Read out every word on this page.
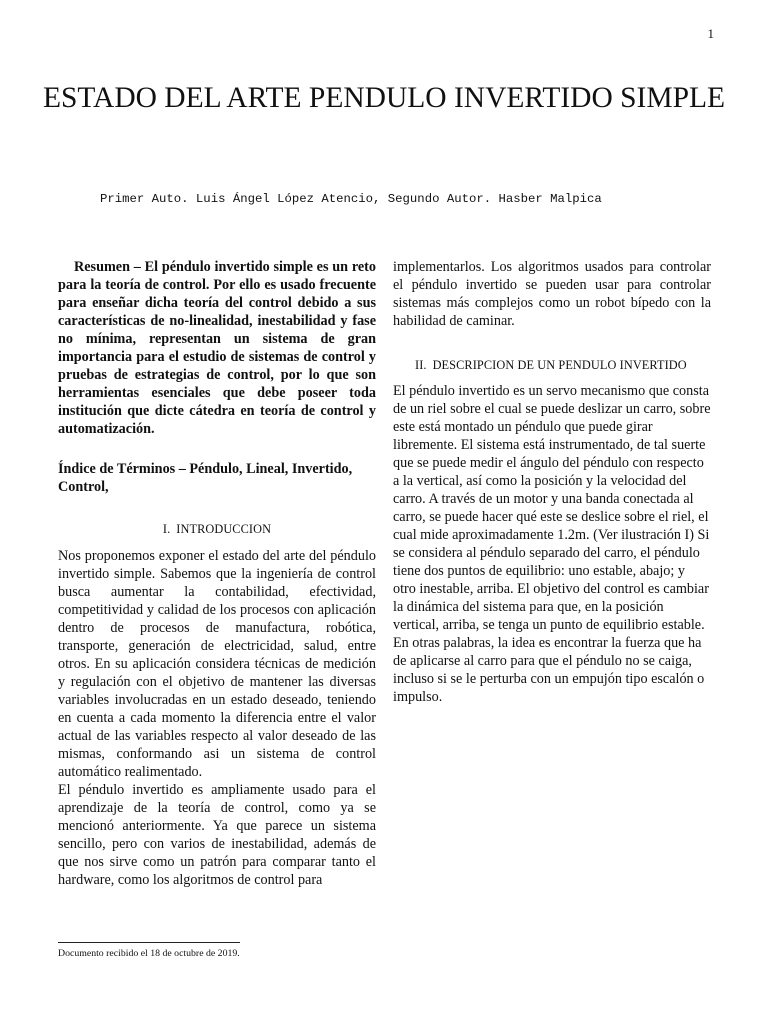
1
ESTADO DEL ARTE PENDULO INVERTIDO SIMPLE
Primer Auto. Luis Ángel López Atencio, Segundo Autor. Hasber Malpica

Resumen – El péndulo invertido simple es un reto para la teoría de control. Por ello es usado frecuente para enseñar dicha teoría del control debido a sus características de no-linealidad, inestabilidad y fase no mínima, representan un sistema de gran importancia para el estudio de sistemas de control y pruebas de estrategias de control, por lo que son herramientas esenciales que debe poseer toda institución que dicte cátedra en teoría de control y automatización.

Índice de Términos – Péndulo, Lineal, Invertido, Control,

I. INTRODUCCION

Nos proponemos exponer el estado del arte del péndulo invertido simple. Sabemos que la ingeniería de control busca aumentar la contabilidad, efectividad, competitividad y calidad de los procesos con aplicación dentro de procesos de manufactura, robótica, transporte, generación de electricidad, salud, entre otros. En su aplicación considera técnicas de medición y regulación con el objetivo de mantener las diversas variables involucradas en un estado deseado, teniendo en cuenta a cada momento la diferencia entre el valor actual de las variables respecto al valor deseado de las mismas, conformando asi un sistema de control automático realimentado.

El péndulo invertido es ampliamente usado para el aprendizaje de la teoría de control, como ya se mencionó anteriormente. Ya que parece un sistema sencillo, pero con varios de inestabilidad, además de que nos sirve como un patrón para comparar tanto el hardware, como los algoritmos de control para

implementarlos. Los algoritmos usados para controlar el péndulo invertido se pueden usar para controlar sistemas más complejos como un robot bípedo con la habilidad de caminar.

II. DESCRIPCION DE UN PENDULO INVERTIDO

El péndulo invertido es un servo mecanismo que consta de un riel sobre el cual se puede deslizar un carro, sobre este está montado un péndulo que puede girar libremente. El sistema está instrumentado, de tal suerte que se puede medir el ángulo del péndulo con respecto a la vertical, así como la posición y la velocidad del carro. A través de un motor y una banda conectada al carro, se puede hacer qué este se deslice sobre el riel, el cual mide aproximadamente 1.2m. (Ver ilustración I) Si se considera al péndulo separado del carro, el péndulo tiene dos puntos de equilibrio: uno estable, abajo; y otro inestable, arriba. El objetivo del control es cambiar la dinámica del sistema para que, en la posición vertical, arriba, se tenga un punto de equilibrio estable. En otras palabras, la idea es encontrar la fuerza que ha de aplicarse al carro para que el péndulo no se caiga, incluso si se le perturba con un empujón tipo escalón o impulso.

Documento recibido el 18 de octubre de 2019.
